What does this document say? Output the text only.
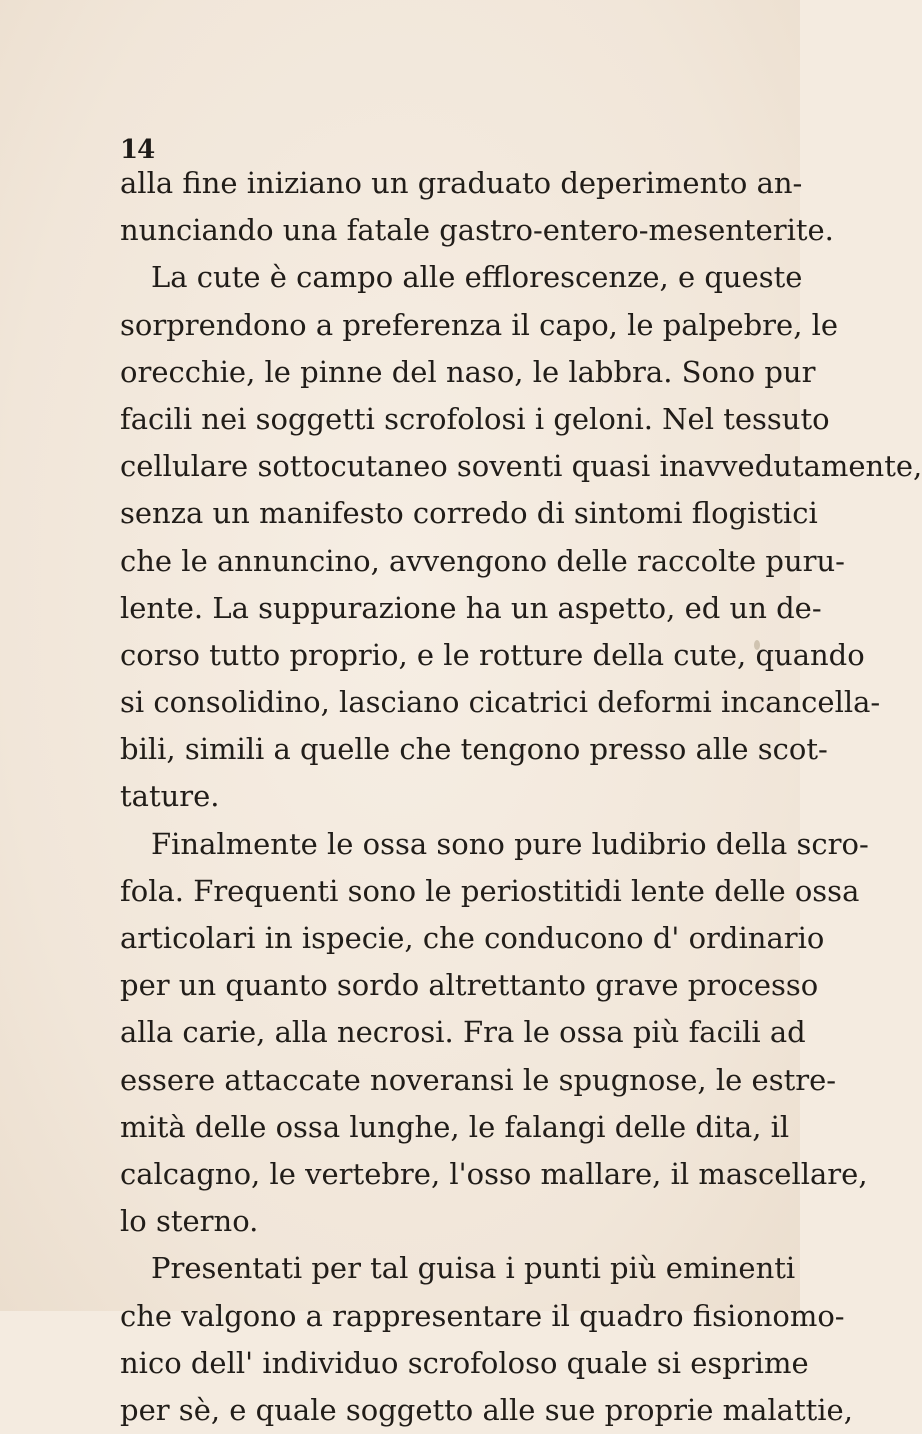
14
alla fine iniziano un graduato deperimento an-
nunciando una fatale gastro-entero-mesenterite.
La cute è campo alle efflorescenze, e queste
sorprendono a preferenza il capo, le palpebre, le
orecchie, le pinne del naso, le labbra. Sono pur
facili nei soggetti scrofolosi i geloni. Nel tessuto
cellulare sottocutaneo soventi quasi inavvedutamente,
senza un manifesto corredo di sintomi flogistici
che le annuncino, avvengono delle raccolte puru-
lente. La suppurazione ha un aspetto, ed un de-
corso tutto proprio, e le rotture della cute, quando
si consolidino, lasciano cicatrici deformi incancella-
bili, simili a quelle che tengono presso alle scot-
tature.
Finalmente le ossa sono pure ludibrio della scro-
fola. Frequenti sono le periostitidi lente delle ossa
articolari in ispecie, che conducono d' ordinario
per un quanto sordo altrettanto grave processo
alla carie, alla necrosi. Fra le ossa più facili ad
essere attaccate noveransi le spugnose, le estre-
mità delle ossa lunghe, le falangi delle dita, il
calcagno, le vertebre, l'osso mallare, il mascellare,
lo sterno.
Presentati per tal guisa i punti più eminenti
che valgono a rappresentare il quadro fisionomo-
nico dell' individuo scrofoloso quale si esprime
per sè, e quale soggetto alle sue proprie malattie,
